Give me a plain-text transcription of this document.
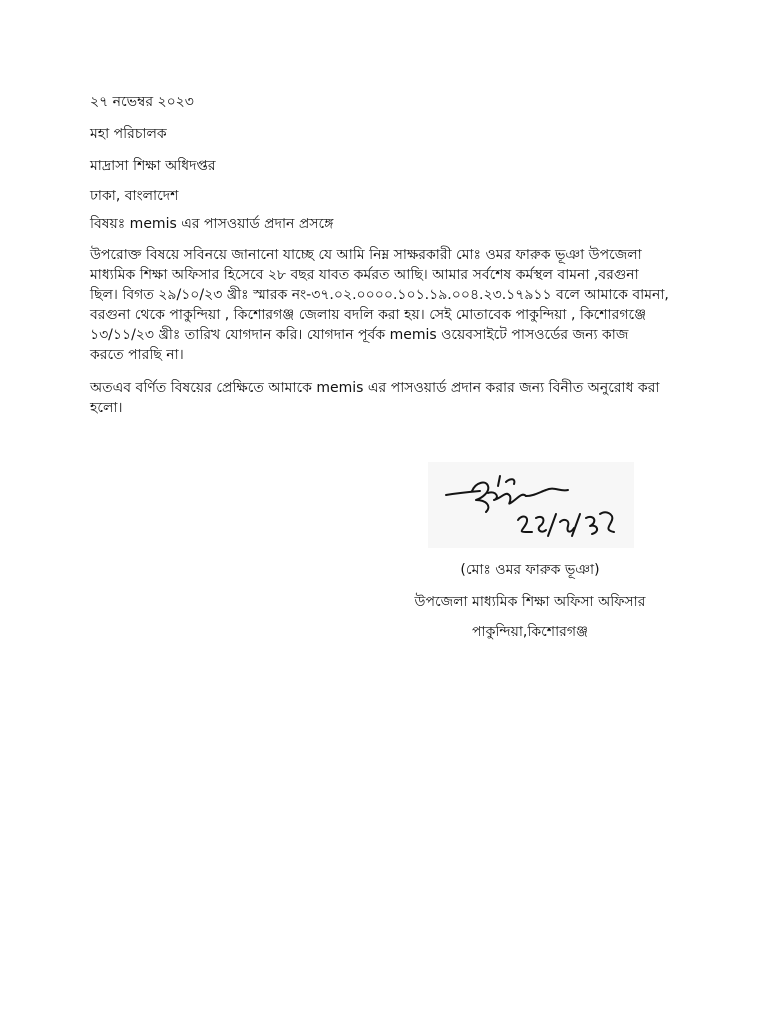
২৭ নভেম্বর ২০২৩
মহা পরিচালক
মাদ্রাসা শিক্ষা অধিদপ্তর
ঢাকা, বাংলাদেশ
বিষয়ঃ memis এর পাসওয়ার্ড প্রদান প্রসঙ্গে
উপরোক্ত বিষয়ে সবিনয়ে জানানো যাচ্ছে যে আমি নিম্ন সাক্ষরকারী মোঃ ওমর ফারুক ভূঞা উপজেলা
মাধ্যমিক শিক্ষা অফিসার হিসেবে ২৮ বছর যাবত কর্মরত আছি। আমার সর্বশেষ কর্মস্থল বামনা ,বরগুনা
ছিল। বিগত ২৯/১০/২৩ খ্রীঃ স্মারক নং-৩৭.০২.০০০০.১০১.১৯.০০৪.২৩.১৭৯১১ বলে আমাকে বামনা,
বরগুনা থেকে পাকুন্দিয়া , কিশোরগঞ্জ জেলায় বদলি করা হয়। সেই মোতাবেক পাকুন্দিয়া , কিশোরগঞ্জে
১৩/১১/২৩ খ্রীঃ তারিখ যোগদান করি। যোগদান পূর্বক memis ওয়েবসাইটে পাসওর্ডের জন্য কাজ
করতে পারছি না।
অতএব বর্ণিত বিষয়ের প্রেক্ষিতে আমাকে memis এর পাসওয়ার্ড প্রদান করার জন্য বিনীত অনুরোধ করা
হলো।
২৭/১১/২৩
(মোঃ ওমর ফারুক ভূঞা)
উপজেলা মাধ্যমিক শিক্ষা অফিসা অফিসার
পাকুন্দিয়া,কিশোরগঞ্জ
